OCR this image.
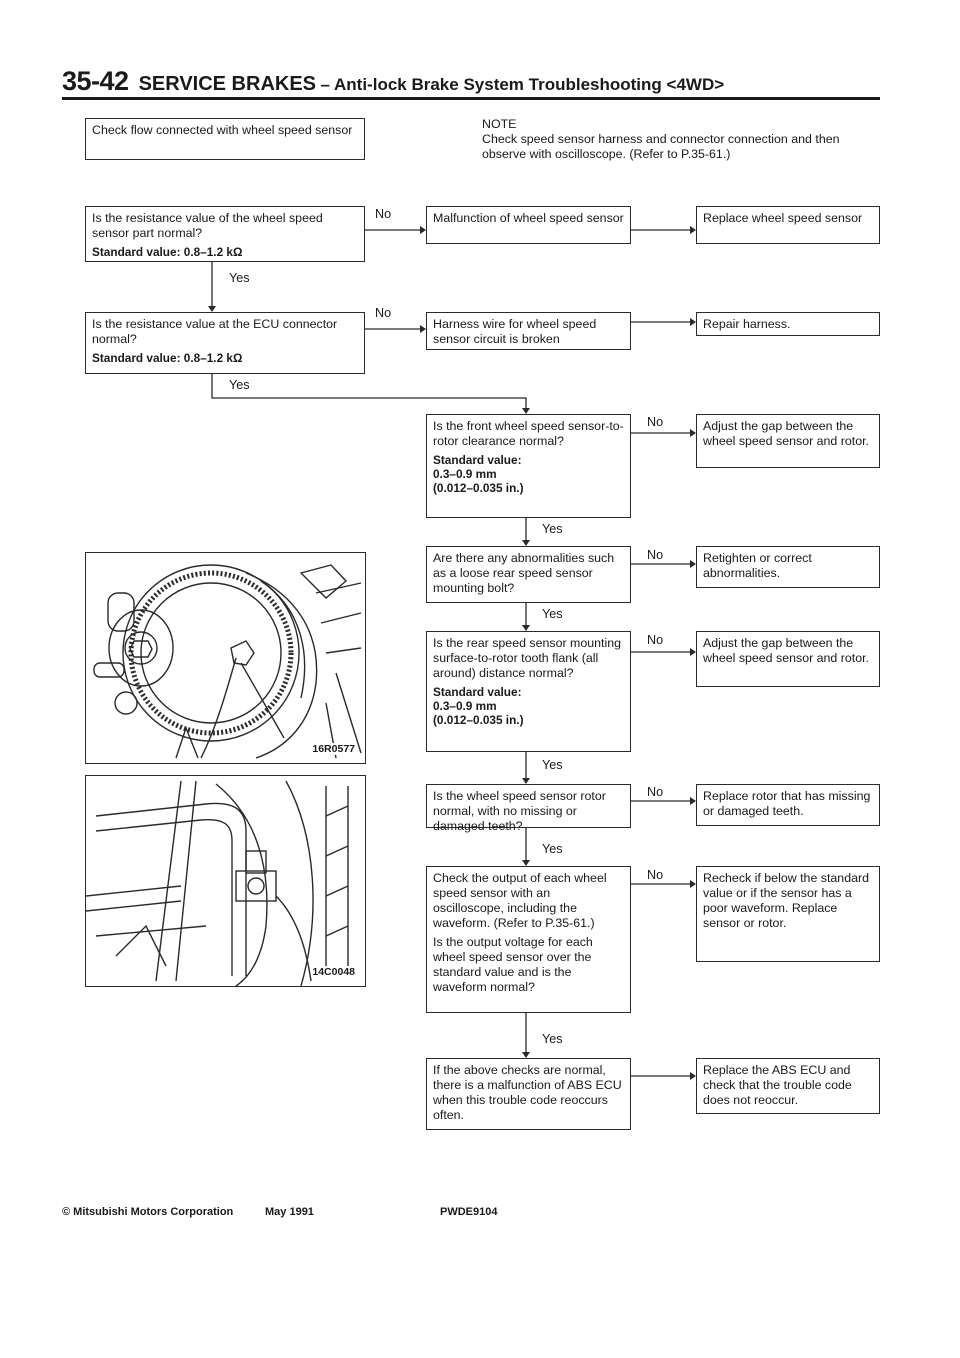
35-42 SERVICE BRAKES – Anti-lock Brake System Troubleshooting <4WD>
Check flow connected with wheel speed sensor	NOTE
Check speed sensor harness and connector connection and then observe with oscilloscope. (Refer to P.35-61.)
Is the resistance value of the wheel speed sensor part normal?
Standard value: 0.8–1.2 kΩ
No
Yes
Malfunction of wheel speed sensor	Replace wheel speed sensor
Is the resistance value at the ECU connector normal?
Standard value: 0.8–1.2 kΩ
No
Yes
Harness wire for wheel speed sensor circuit is broken
Repair harness.
Is the front wheel speed sensor-to-rotor clearance normal?
Standard value:
0.3–0.9 mm
(0.012–0.035 in.)
No
Yes
Adjust the gap between the wheel speed sensor and rotor.
Are there any abnormalities such as a loose rear speed sensor mounting bolt?
No
Yes
Retighten or correct abnormalities.
Is the rear speed sensor mounting surface-to-rotor tooth flank (all around) distance normal?
Standard value:
0.3–0.9 mm
(0.012–0.035 in.)
No
Yes
Adjust the gap between the wheel speed sensor and rotor.
Is the wheel speed sensor rotor normal, with no missing or damaged teeth?
No
Yes
Replace rotor that has missing or damaged teeth.
Check the output of each wheel speed sensor with an oscilloscope, including the waveform. (Refer to P.35-61.)
Is the output voltage for each wheel speed sensor over the standard value and is the waveform normal?
No
Yes
Recheck if below the standard value or if the sensor has a poor waveform. Replace sensor or rotor.
If the above checks are normal, there is a malfunction of ABS ECU when this trouble code reoccurs often.
Replace the ABS ECU and check that the trouble code does not reoccur.
16R0577
14C0048
© Mitsubishi Motors Corporation	May 1991	PWDE9104
